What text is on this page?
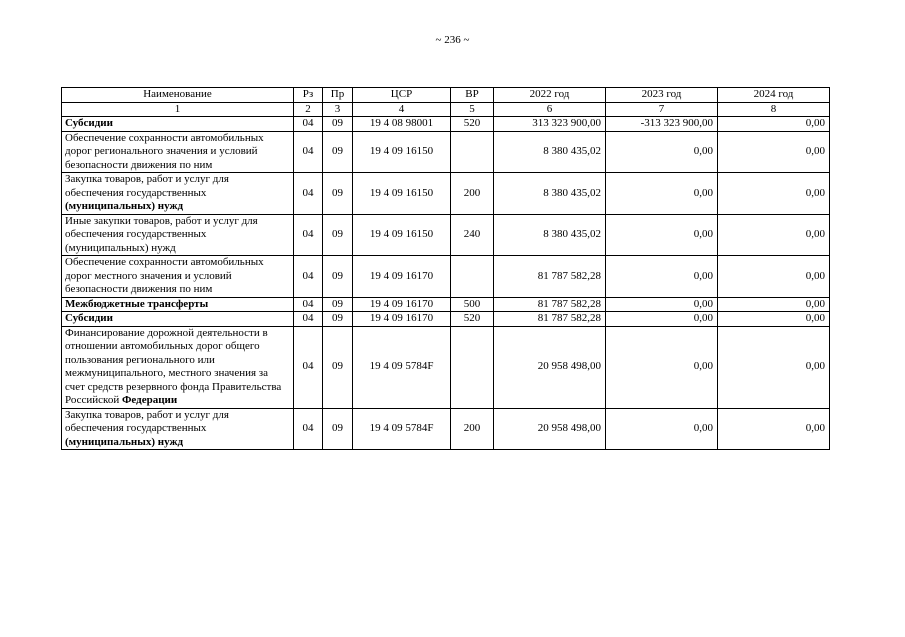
~ 236 ~
Наименование	Рз	Пр	ЦСР	ВР	2022 год	2023 год	2024 год
1	2	3	4	5	6	7	8
Субсидии	04	09	19 4 08 98001	520	313 323 900,00	-313 323 900,00	0,00
Обеспечение сохранности автомобильных дорог регионального значения и условий безопасности движения по ним	04	09	19 4 09 16150		8 380 435,02	0,00	0,00
Закупка товаров, работ и услуг для обеспечения государственных (муниципальных) нужд	04	09	19 4 09 16150	200	8 380 435,02	0,00	0,00
Иные закупки товаров, работ и услуг для обеспечения государственных (муниципальных) нужд	04	09	19 4 09 16150	240	8 380 435,02	0,00	0,00
Обеспечение сохранности автомобильных дорог местного значения и условий безопасности движения по ним	04	09	19 4 09 16170		81 787 582,28	0,00	0,00
Межбюджетные трансферты	04	09	19 4 09 16170	500	81 787 582,28	0,00	0,00
Субсидии	04	09	19 4 09 16170	520	81 787 582,28	0,00	0,00
Финансирование дорожной деятельности в отношении автомобильных дорог общего пользования регионального или межмуниципального, местного значения за счет средств резервного фонда Правительства Российской Федерации	04	09	19 4 09 5784F		20 958 498,00	0,00	0,00
Закупка товаров, работ и услуг для обеспечения государственных (муниципальных) нужд	04	09	19 4 09 5784F	200	20 958 498,00	0,00	0,00
